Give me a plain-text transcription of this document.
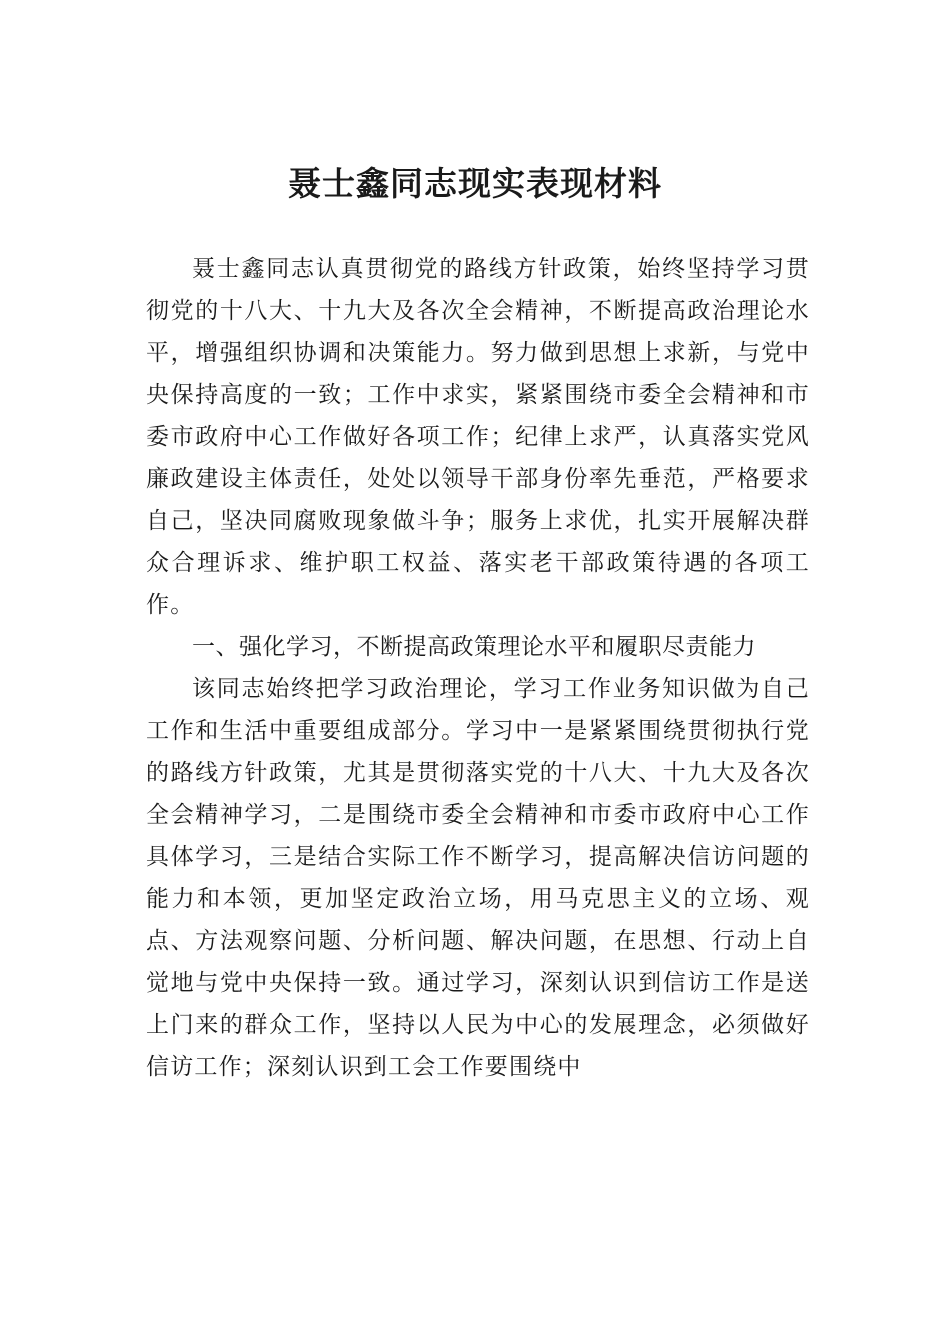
聂士鑫同志现实表现材料

聂士鑫同志认真贯彻党的路线方针政策，始终坚持学习贯彻党的十八大、十九大及各次全会精神，不断提高政治理论水平，增强组织协调和决策能力。努力做到思想上求新，与党中央保持高度的一致；工作中求实，紧紧围绕市委全会精神和市委市政府中心工作做好各项工作；纪律上求严，认真落实党风廉政建设主体责任，处处以领导干部身份率先垂范，严格要求自己，坚决同腐败现象做斗争；服务上求优，扎实开展解决群众合理诉求、维护职工权益、落实老干部政策待遇的各项工作。

一、强化学习，不断提高政策理论水平和履职尽责能力

该同志始终把学习政治理论，学习工作业务知识做为自己工作和生活中重要组成部分。学习中一是紧紧围绕贯彻执行党的路线方针政策，尤其是贯彻落实党的十八大、十九大及各次全会精神学习，二是围绕市委全会精神和市委市政府中心工作具体学习，三是结合实际工作不断学习，提高解决信访问题的能力和本领，更加坚定政治立场，用马克思主义的立场、观点、方法观察问题、分析问题、解决问题，在思想、行动上自觉地与党中央保持一致。通过学习，深刻认识到信访工作是送上门来的群众工作，坚持以人民为中心的发展理念，必须做好信访工作；深刻认识到工会工作要围绕中
